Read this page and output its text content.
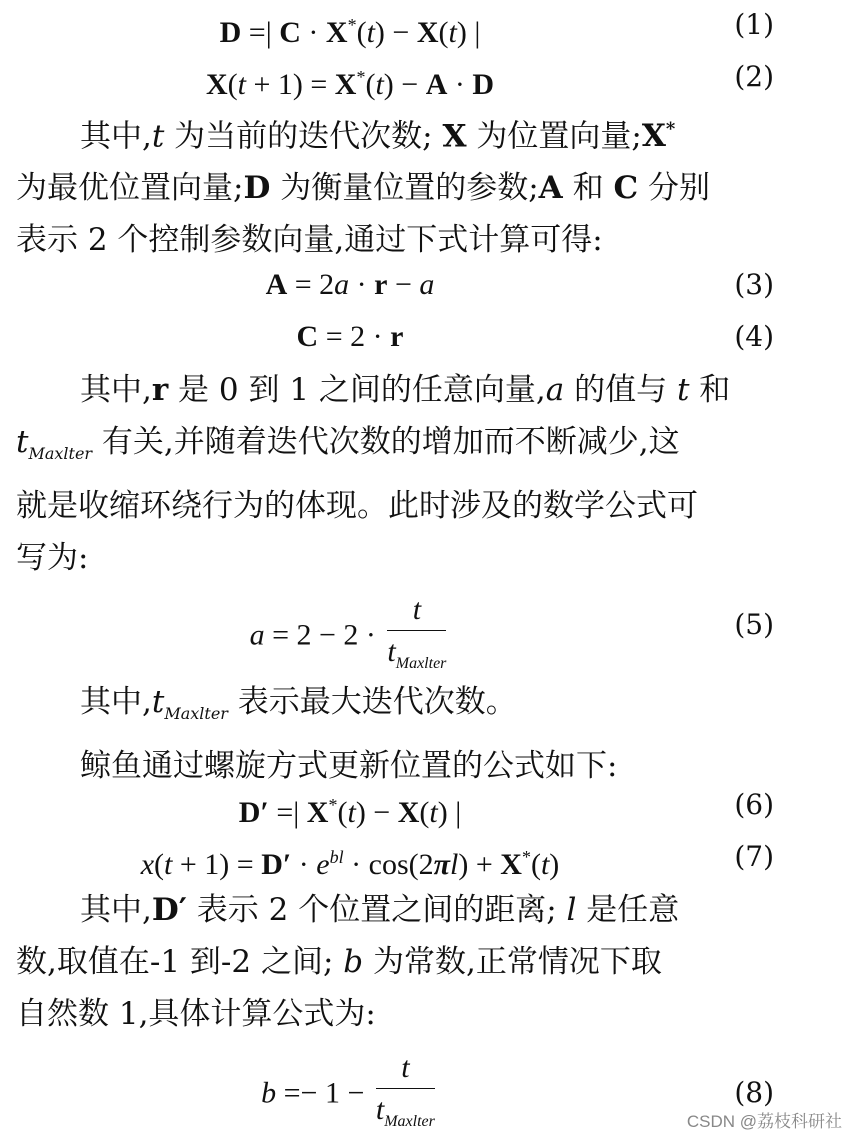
D =| C · X*(t) − X(t) |	(1)
X(t + 1) = X*(t) − A · D	(2)
其中,t 为当前的迭代次数; X 为位置向量;X*
为最优位置向量;D 为衡量位置的参数;A 和 C 分别
表示 2 个控制参数向量,通过下式计算可得:
A = 2a · r − a	(3)
C = 2 · r	(4)
其中,r 是 0 到 1 之间的任意向量,a 的值与 t 和
$t_{Maxlter}$ 有关,并随着迭代次数的增加而不断减少,这
就是收缩环绕行为的体现。此时涉及的数学公式可
写为:
$a = 2 - 2 \cdot \frac{t}{t_{Maxlter}}$	(5)
其中$,t_{Maxlter}$ 表示最大迭代次数。
鲸鱼通过螺旋方式更新位置的公式如下:
D′ =| X*(t) − X(t) |	(6)
$x(t + 1) = D' \cdot e^{bl} \cdot \cos(2\pi l) + X^*(t)$	(7)
其中,D′ 表示 2 个位置之间的距离; l 是任意
数,取值在-1 到-2 之间; b 为常数,正常情况下取
自然数 1,具体计算公式为:
$b =- 1 - \frac{t}{t_{Maxlter}}$	(8)
CSDN @荔枝科研社
